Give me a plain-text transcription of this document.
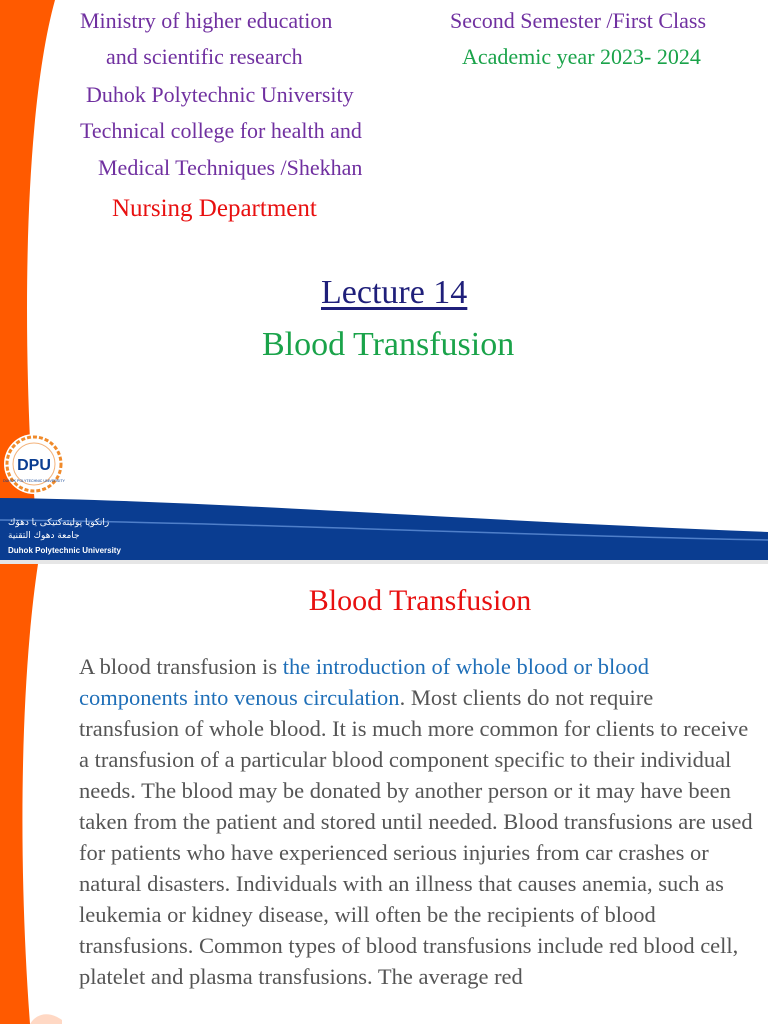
DPU
DUHOK POLYTECHNIC UNIVERSITY
زانكويا پوليتەكنيكى يا دهۆك
جامعة دهوك التقنية
Duhok Polytechnic University
Ministry of higher education
and scientific research
Duhok Polytechnic University
Technical college for health and
Medical Techniques /Shekhan
Nursing Department
Second Semester /First Class
Academic year 2023- 2024
Lecture 14
Blood Transfusion
Blood Transfusion

A blood transfusion is the introduction of whole blood or blood components into venous circulation. Most clients do not require transfusion of whole blood. It is much more common for clients to receive a transfusion of a particular blood component specific to their individual needs. The blood may be donated by another person or it may have been taken from the patient and stored until needed. Blood transfusions are used for patients who have experienced serious injuries from car crashes or natural disasters. Individuals with an illness that causes anemia, such as leukemia or kidney disease, will often be the recipients of blood transfusions. Common types of blood transfusions include red blood cell, platelet and plasma transfusions. The average red
